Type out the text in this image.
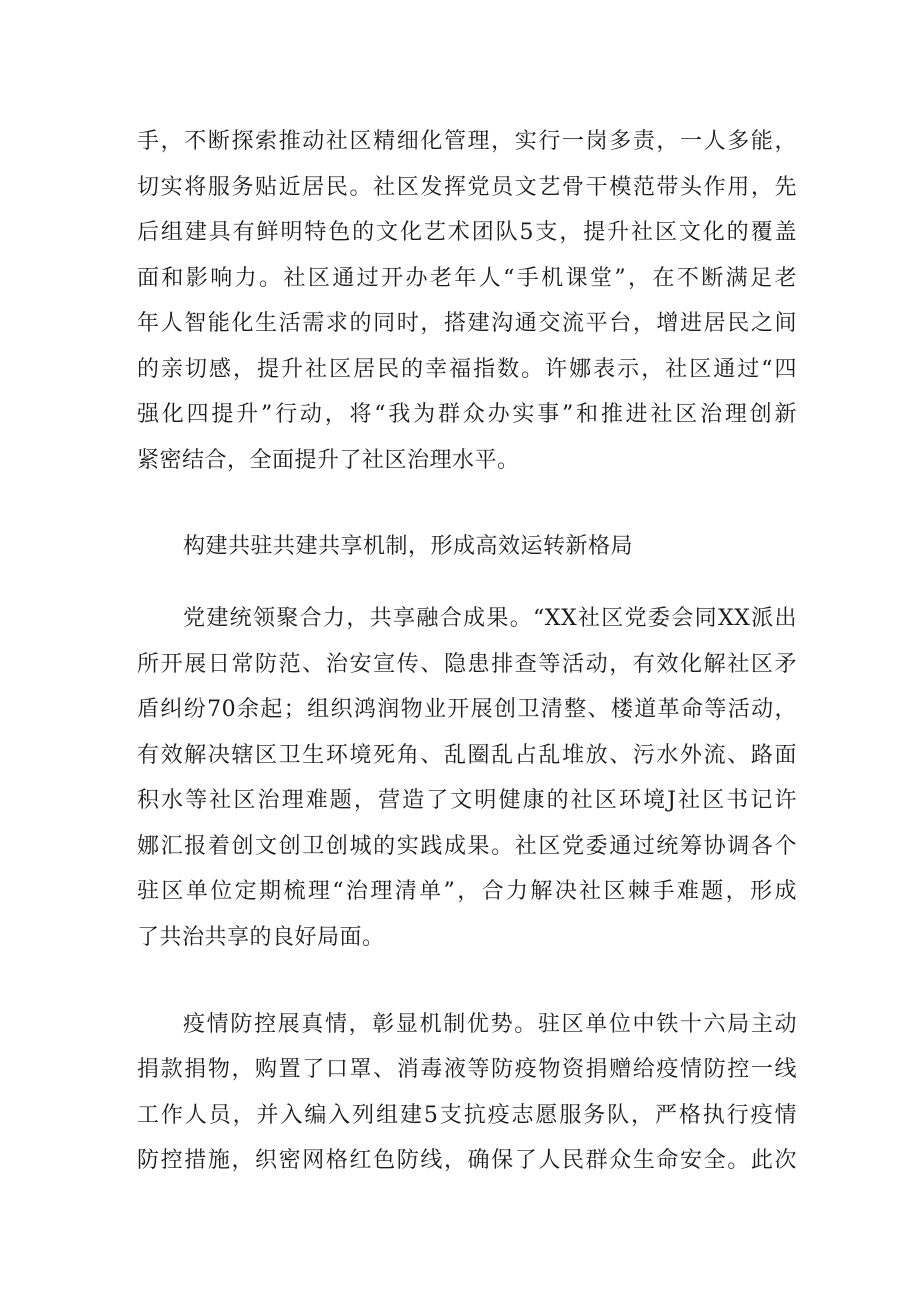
手，不断探索推动社区精细化管理，实行一岗多责，一人多能，
切实将服务贴近居民。社区发挥党员文艺骨干模范带头作用，先
后组建具有鲜明特色的文化艺术团队5支，提升社区文化的覆盖
面和影响力。社区通过开办老年人“手机课堂”，在不断满足老
年人智能化生活需求的同时，搭建沟通交流平台，增进居民之间
的亲切感，提升社区居民的幸福指数。许娜表示，社区通过“四
强化四提升”行动，将“我为群众办实事”和推进社区治理创新
紧密结合，全面提升了社区治理水平。
构建共驻共建共享机制，形成高效运转新格局
党建统领聚合力，共享融合成果。“XX社区党委会同XX派出
所开展日常防范、治安宣传、隐患排查等活动，有效化解社区矛
盾纠纷70余起；组织鸿润物业开展创卫清整、楼道革命等活动，
有效解决辖区卫生环境死角、乱圈乱占乱堆放、污水外流、路面
积水等社区治理难题，营造了文明健康的社区环境J社区书记许
娜汇报着创文创卫创城的实践成果。社区党委通过统筹协调各个
驻区单位定期梳理“治理清单”，合力解决社区棘手难题，形成
了共治共享的良好局面。
疫情防控展真情，彰显机制优势。驻区单位中铁十六局主动
捐款捐物，购置了口罩、消毒液等防疫物资捐赠给疫情防控一线
工作人员，并入编入列组建5支抗疫志愿服务队，严格执行疫情
防控措施，织密网格红色防线，确保了人民群众生命安全。此次
